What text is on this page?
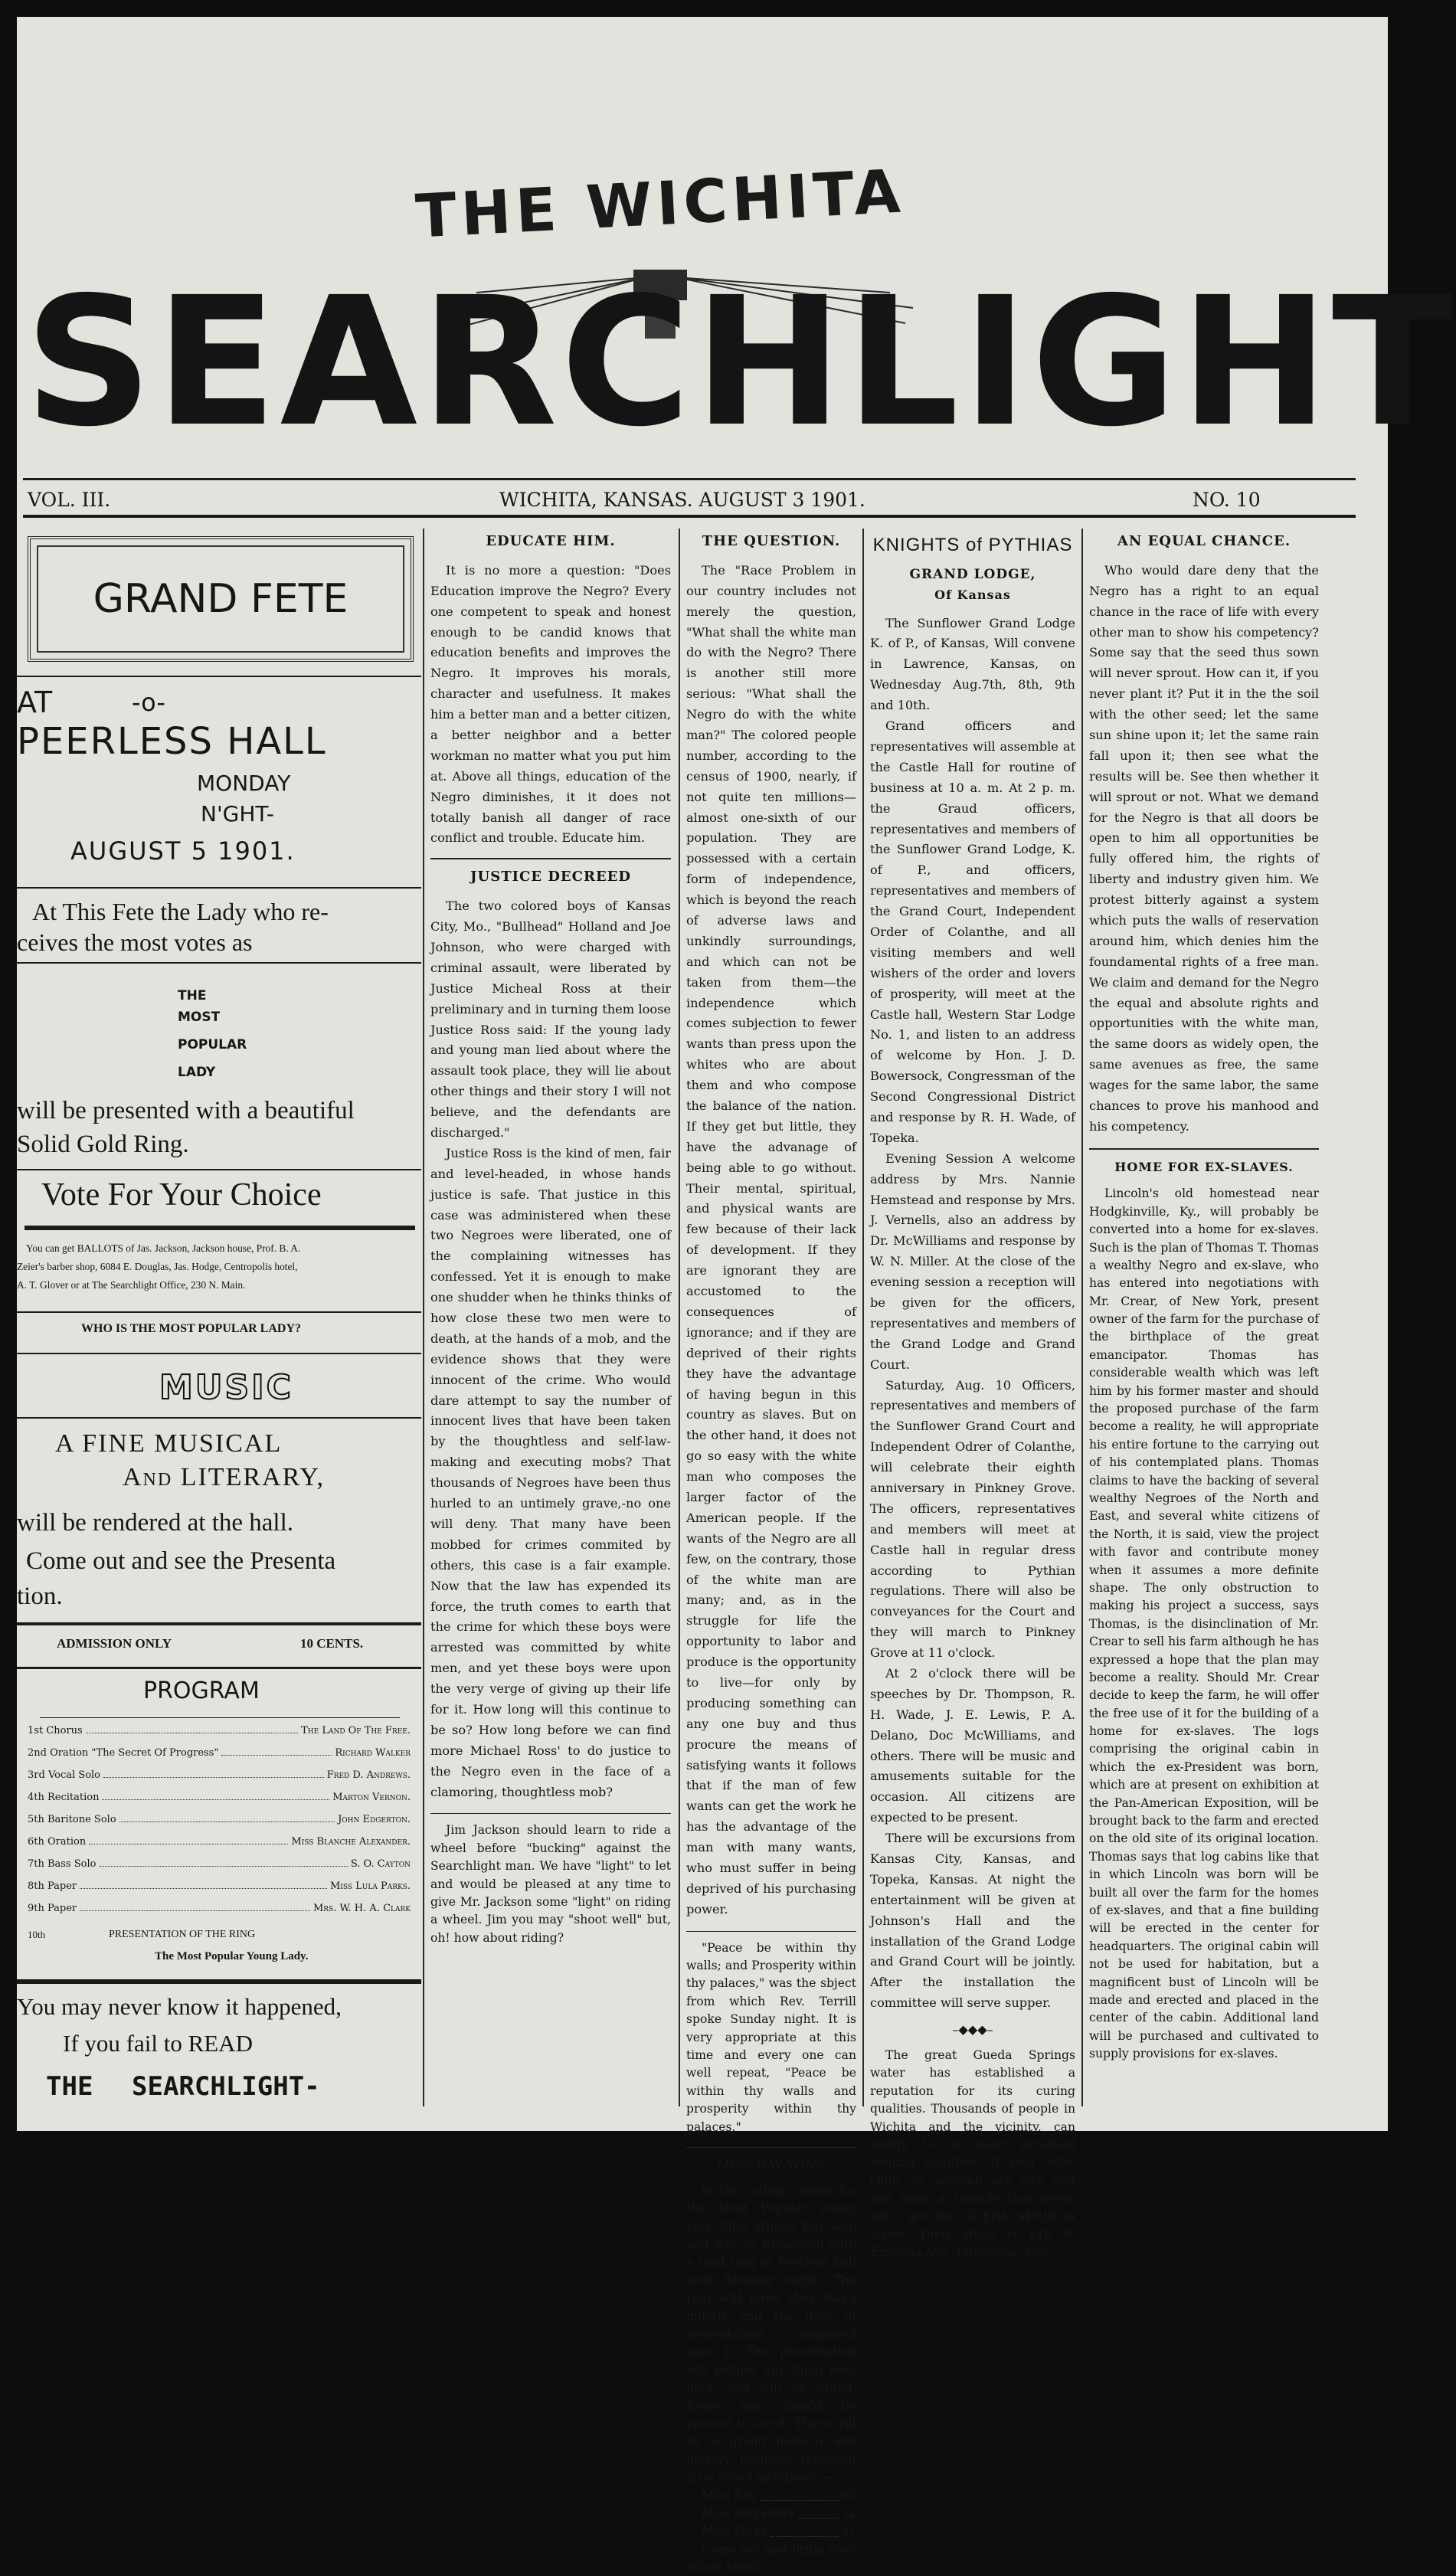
THE WICHITA
SEARCHLIGHT
VOL. III.	WICHITA, KANSAS. AUGUST 3 1901.	NO. 10
GRAND FETE
AT	-o-
PEERLESS HALL
MONDAY
N'GHT-
AUGUST 5 1901.
At This Fete the Lady who re-
ceives the most votes as
THE
MOST
POPULAR
LADY
will be presented with a beautiful
Solid Gold Ring.
Vote For Your Choice
You can get BALLOTS of Jas. Jackson, Jackson house, Prof. B. A.
Zeier's barber shop, 6084 E. Douglas, Jas. Hodge, Centropolis hotel,
A. T. Glover or at The Searchlight Office, 230 N. Main.
WHO IS THE MOST POPULAR LADY?
MUSIC
A FINE MUSICAL
And LITERARY,
will be rendered at the hall.
Come out and see the Presenta
tion.
ADMISSION ONLY	10 CENTS.
PROGRAM
1st Chorus	The Land Of The Free.
2nd Oration "The Secret Of Progress"	Richard Walker
3rd Vocal Solo	Fred D. Andrews.
4th Recitation	Marton Vernon.
5th Baritone Solo	John Edgerton.
6th Oration	Miss Blanche Alexander.
7th Bass Solo	S. O. Cayton
8th Paper	Miss Lula Parks.
9th Paper	Mrs. W. H. A. Clark
10th	PRESENTATION OF THE RING
The Most Popular Young Lady.
You may never know it happened,
If you fail to READ
THE SEARCHLIGHT-
EDUCATE HIM.

It is no more a question: "Does Education improve the Negro? Every one competent to speak and honest enough to be candid knows that education benefits and improves the Negro. It improves his morals, character and usefulness. It makes him a better man and a better citizen, a better neighbor and a better workman no matter what you put him at. Above all things, education of the Negro diminishes, it it does not totally banish all danger of race conflict and trouble. Educate him.

JUSTICE DECREED

The two colored boys of Kansas City, Mo., "Bullhead" Holland and Joe Johnson, who were charged with criminal assault, were liberated by Justice Micheal Ross at their preliminary and in turning them loose Justice Ross said: If the young lady and young man lied about where the assault took place, they will lie about other things and their story I will not believe, and the defendants are discharged."

Justice Ross is the kind of men, fair and level-headed, in whose hands justice is safe. That justice in this case was administered when these two Negroes were liberated, one of the complaining witnesses has confessed. Yet it is enough to make one shudder when he thinks thinks of how close these two men were to death, at the hands of a mob, and the evidence shows that they were innocent of the crime. Who would dare attempt to say the number of innocent lives that have been taken by the thoughtless and self-law-making and executing mobs? That thousands of Negroes have been thus hurled to an untimely grave,-no one will deny. That many have been mobbed for crimes commited by others, this case is a fair example. Now that the law has expended its force, the truth comes to earth that the crime for which these boys were arrested was committed by white men, and yet these boys were upon the very verge of giving up their life for it. How long will this continue to be so? How long before we can find more Michael Ross' to do justice to the Negro even in the face of a clamoring, thoughtless mob?

Jim Jackson should learn to ride a wheel before "bucking" against the Searchlight man. We have "light" to let and would be pleased at any time to give Mr. Jackson some "light" on riding a wheel. Jim you may "shoot well" but, oh! how about riding?

THE QUESTION.

The "Race Problem in our country includes not merely the question, "What shall the white man do with the Negro? There is another still more serious: "What shall the Negro do with the white man?" The colored people number, according to the census of 1900, nearly, if not quite ten millions—almost one-sixth of our population. They are possessed with a certain form of independence, which is beyond the reach of adverse laws and unkindly surroundings, and which can not be taken from them—the independence which comes subjection to fewer wants than press upon the whites who are about them and who compose the balance of the nation. If they get but little, they have the advanage of being able to go without. Their mental, spiritual, and physical wants are few because of their lack of development. If they are ignorant they are accustomed to the consequences of ignorance; and if they are deprived of their rights they have the advantage of having begun in this country as slaves. But on the other hand, it does not go so easy with the white man who composes the larger factor of the American people. If the wants of the Negro are all few, on the contrary, those of the white man are many; and, as in the struggle for life the opportunity to labor and produce is the opportunity to live—for only by producing something can any one buy and thus procure the means of satisfying wants it follows that if the man of few wants can get the work he has the advantage of the man with many wants, who must suffer in being deprived of his purchasing power.

"Peace be within thy walls; and Prosperity within thy palaces," was the sbject from which Rev. Terrill spoke Sunday night. It is very appropriate at this time and every one can well repeat, "Peace be within thy walls and prosperity within thy palaces."

MISS RAY WINS

In the voting contest for the Most Popular young lady, Miss Winnie Ray won and will be presented with a gold ring at Peerless hall next Monday night. The ring will have Miss Ray's initials and the date of presentation engraved upon it. This presentation will eclipse any thing ever held, and will be grand. Every one should be present to see it. There will be a grand musical and literary program rendered also. Stood as follows:—

Miss Ray	62
Miss Alexander	52
Miss Parks	31

Come out and bring your whole family

KNIGHTS of PYTHIAS
GRAND LODGE,
Of Kansas

The Sunflower Grand Lodge K. of P., of Kansas, Will convene in Lawrence, Kansas, on Wednesday Aug.7th, 8th, 9th and 10th.

Grand officers and representatives will assemble at the Castle Hall for routine of business at 10 a. m. At 2 p. m. the Graud officers, representatives and members of the Sunflower Grand Lodge, K. of P., and officers, representatives and members of the Grand Court, Independent Order of Colanthe, and all visiting members and well wishers of the order and lovers of prosperity, will meet at the Castle hall, Western Star Lodge No. 1, and listen to an address of welcome by Hon. J. D. Bowersock, Congressman of the Second Congressional District and response by R. H. Wade, of Topeka.

Evening Session A welcome address by Mrs. Nannie Hemstead and response by Mrs. J. Vernells, also an address by Dr. McWilliams and response by W. N. Miller. At the close of the evening session a reception will be given for the officers, representatives and members of the Grand Lodge and Grand Court.

Saturday, Aug. 10 Officers, representatives and members of the Sunflower Grand Court and Independent Odrer of Colanthe, will celebrate their eighth anniversary in Pinkney Grove. The officers, representatives and members will meet at Castle hall in regular dress according to Pythian regulations. There will also be conveyances for the Court and they will march to Pinkney Grove at 11 o'clock.

At 2 o'clock there will be speeches by Dr. Thompson, R. H. Wade, J. E. Lewis, P. A. Delano, Doc McWilliams, and others. There will be music and amusements suitable for the occasion. All citizens are expected to be present.

There will be excursions from Kansas City, Kansas, and Topeka, Kansas. At night the entertainment will be given at Johnson's Hall and the installation of the Grand Lodge and Grand Court will be jointly. After the installation the committee will serve supper.

–◆◆◆–

The great Gueda Springs water has established a reputation for its curing qualities. Thousands of people in Wichita and the vicinity, can testify to its most excellent healing qualities. If your wife, child, or yourself are sick and you want a remedy that never fails, get the GUEDA SPRINGS water. Their office is 145 N. Emporia Ave. Telephone, 136.

AN EQUAL CHANCE.

Who would dare deny that the Negro has a right to an equal chance in the race of life with every other man to show his competency? Some say that the seed thus sown will never sprout. How can it, if you never plant it? Put it in the the soil with the other seed; let the same sun shine upon it; let the same rain fall upon it; then see what the results will be. See then whether it will sprout or not. What we demand for the Negro is that all doors be open to him all opportunities be fully offered him, the rights of liberty and industry given him. We protest bitterly against a system which puts the walls of reservation around him, which denies him the foundamental rights of a free man. We claim and demand for the Negro the equal and absolute rights and opportunities with the white man, the same doors as widely open, the same avenues as free, the same wages for the same labor, the same chances to prove his manhood and his competency.

HOME FOR EX-SLAVES.

Lincoln's old homestead near Hodgkinville, Ky., will probably be converted into a home for ex-slaves. Such is the plan of Thomas T. Thomas a wealthy Negro and ex-slave, who has entered into negotiations with Mr. Crear, of New York, present owner of the farm for the purchase of the birthplace of the great emancipator. Thomas has considerable wealth which was left him by his former master and should the proposed purchase of the farm become a reality, he will appropriate his entire fortune to the carrying out of his contemplated plans. Thomas claims to have the backing of several wealthy Negroes of the North and East, and several white citizens of the North, it is said, view the project with favor and contribute money when it assumes a more definite shape. The only obstruction to making his project a success, says Thomas, is the disinclination of Mr. Crear to sell his farm although he has expressed a hope that the plan may become a reality. Should Mr. Crear decide to keep the farm, he will offer the free use of it for the building of a home for ex-slaves. The logs comprising the original cabin in which the ex-President was born, which are at present on exhibition at the Pan-American Exposition, will be brought back to the farm and erected on the old site of its original location. Thomas says that log cabins like that in which Lincoln was born will be built all over the farm for the homes of ex-slaves, and that a fine building will be erected in the center for headquarters. The original cabin will not be used for habitation, but a magnificent bust of Lincoln will be made and erected and placed in the center of the cabin. Additional land will be purchased and cultivated to supply provisions for ex-slaves.
